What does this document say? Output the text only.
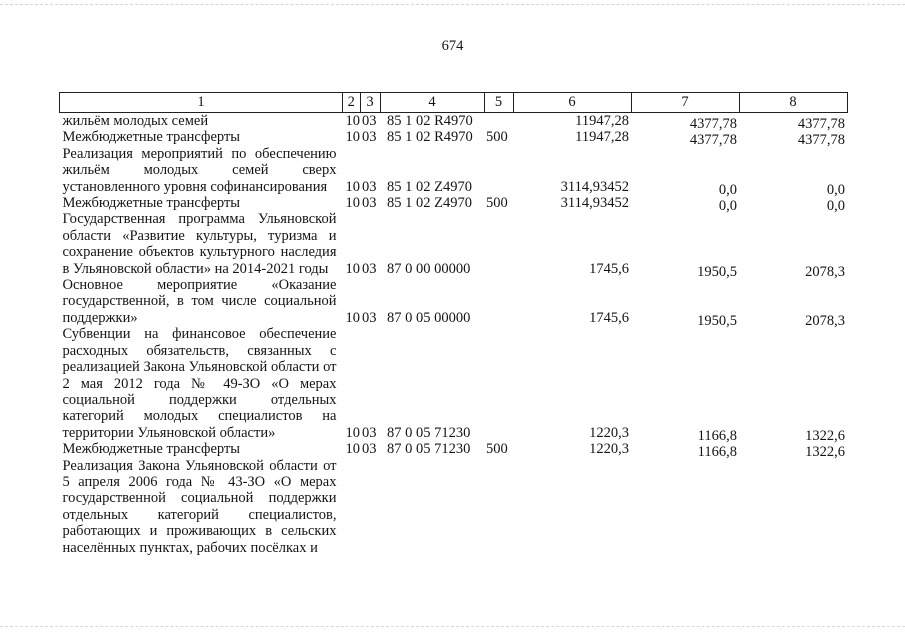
674
1	2	3	4	5	6	7	8
жильём молодых семей	10	03	85 1 02 R4970		11947,28	4377,78	4377,78
Межбюджетные трансферты	10	03	85 1 02 R4970	500	11947,28	4377,78	4377,78
Реализация мероприятий по обеспечению жильём молодых семей сверх установленного уровня софинансирования	10	03	85 1 02 Z4970		3114,93452	0,0	0,0
Межбюджетные трансферты	10	03	85 1 02 Z4970	500	3114,93452	0,0	0,0
Государственная программа Ульяновской области «Развитие культуры, туризма и сохранение объектов культурного наследия в Ульяновской области» на 2014-2021 годы	10	03	87 0 00 00000		1745,6	1950,5	2078,3
Основное мероприятие «Оказание государственной, в том числе социальной поддержки»	10	03	87 0 05 00000		1745,6	1950,5	2078,3
Субвенции на финансовое обеспечение расходных обязательств, связанных с реализацией Закона Ульяновской области от 2 мая 2012 года № 49-ЗО «О мерах социальной поддержки отдельных категорий молодых специалистов на территории Ульяновской области»	10	03	87 0 05 71230		1220,3	1166,8	1322,6
Межбюджетные трансферты	10	03	87 0 05 71230	500	1220,3	1166,8	1322,6
Реализация Закона Ульяновской области от 5 апреля 2006 года № 43-ЗО «О мерах государственной социальной поддержки отдельных категорий специалистов, работающих и проживающих в сельских населённых пунктах, рабочих посёлках и							
